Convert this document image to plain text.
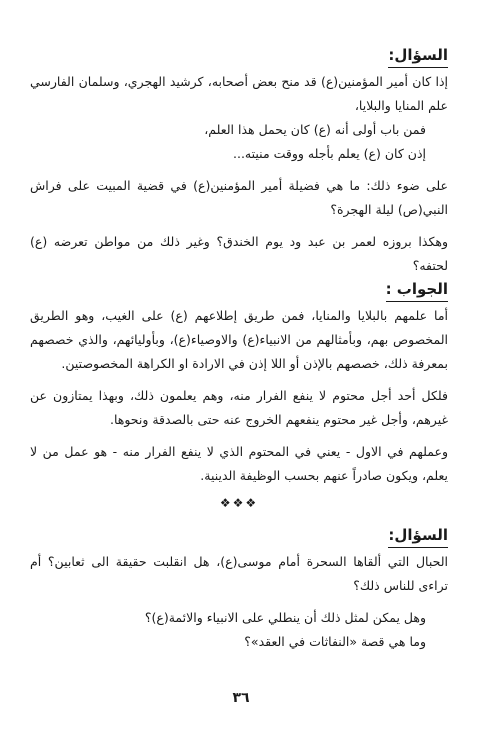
السؤال:

إذا كان أمير المؤمنين(ع) قد منح بعض أصحابه، كرشيد الهجري، وسلمان الفارسي علم المنايا والبلايا،

فمن باب أولى أنه (ع) كان يحمل هذا العلم،

إذن كان (ع) يعلم بأجله ووقت منيته...

على ضوء ذلك: ما هي فضيلة أمير المؤمنين(ع) في قضية المبيت على فراش النبي(ص) ليلة الهجرة؟

وهكذا بروزه لعمر بن عبد ود يوم الخندق؟ وغير ذلك من مواطن تعرضه (ع) لحتفه؟

الجواب :

أما علمهم بالبلايا والمنايا، فمن طريق إطلاعهم (ع) على الغيب، وهو الطريق المخصوص بهم، وبأمثالهم من الانبياء(ع) والاوصياء(ع)، وبأوليائهم، والذي خصصهم بمعرفة ذلك، خصصهم بالإذن أو اللا إذن في الارادة او الكراهة المخصوصتين.

فلكل أحد أجل محتوم لا ينفع الفرار منه، وهم يعلمون ذلك، وبهذا يمتازون عن غيرهم، وأجل غير محتوم ينفعهم الخروج عنه حتى بالصدقة ونحوها.

وعملهم في الاول - يعني في المحتوم الذي لا ينفع الفرار منه - هو عمل من لا يعلم، ويكون صادراً عنهم بحسب الوظيفة الدينية.

❖❖❖
السؤال:

الحبال التي ألقاها السحرة أمام موسى(ع)، هل انقلبت حقيقة الى ثعابين؟ أم تراءى للناس ذلك؟

وهل يمكن لمثل ذلك أن ينطلي على الانبياء والائمة(ع)؟

وما هي قصة «النفاثات في العقد»؟

٣٦
